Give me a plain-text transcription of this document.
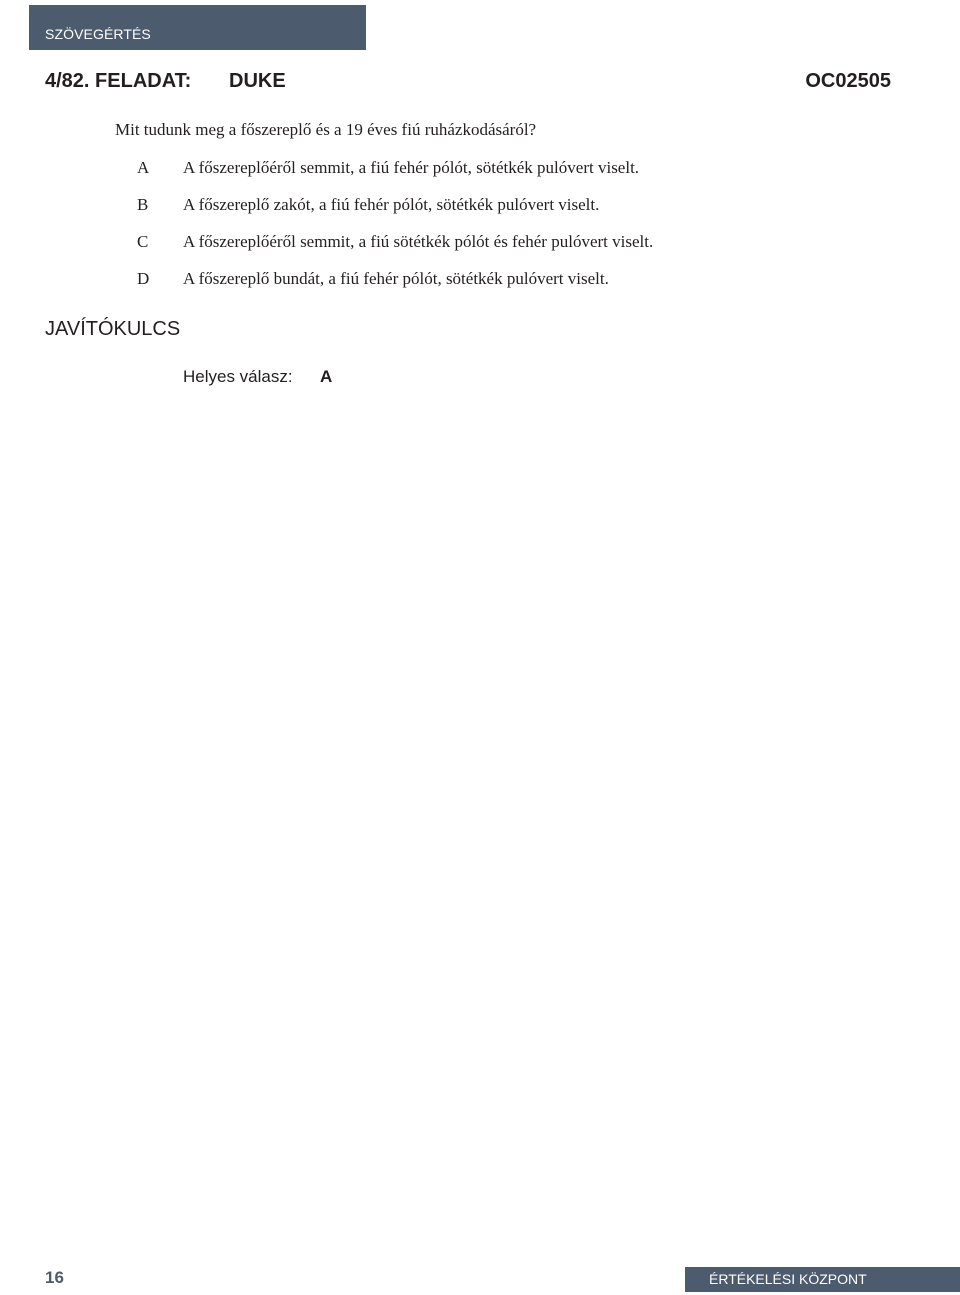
SZÖVEGÉRTÉS
4/82. FELADAT: DUKE	OC02505
Mit tudunk meg a főszereplő és a 19 éves fiú ruházkodásáról?
A A főszereplőéről semmit, a fiú fehér pólót, sötétkék pulóvert viselt.
B A főszereplő zakót, a fiú fehér pólót, sötétkék pulóvert viselt.
C A főszereplőéről semmit, a fiú sötétkék pólót és fehér pulóvert viselt.
D A főszereplő bundát, a fiú fehér pólót, sötétkék pulóvert viselt.
JAVÍTÓKULCS
Helyes válasz: A
16	ÉRTÉKELÉSI KÖZPONT
